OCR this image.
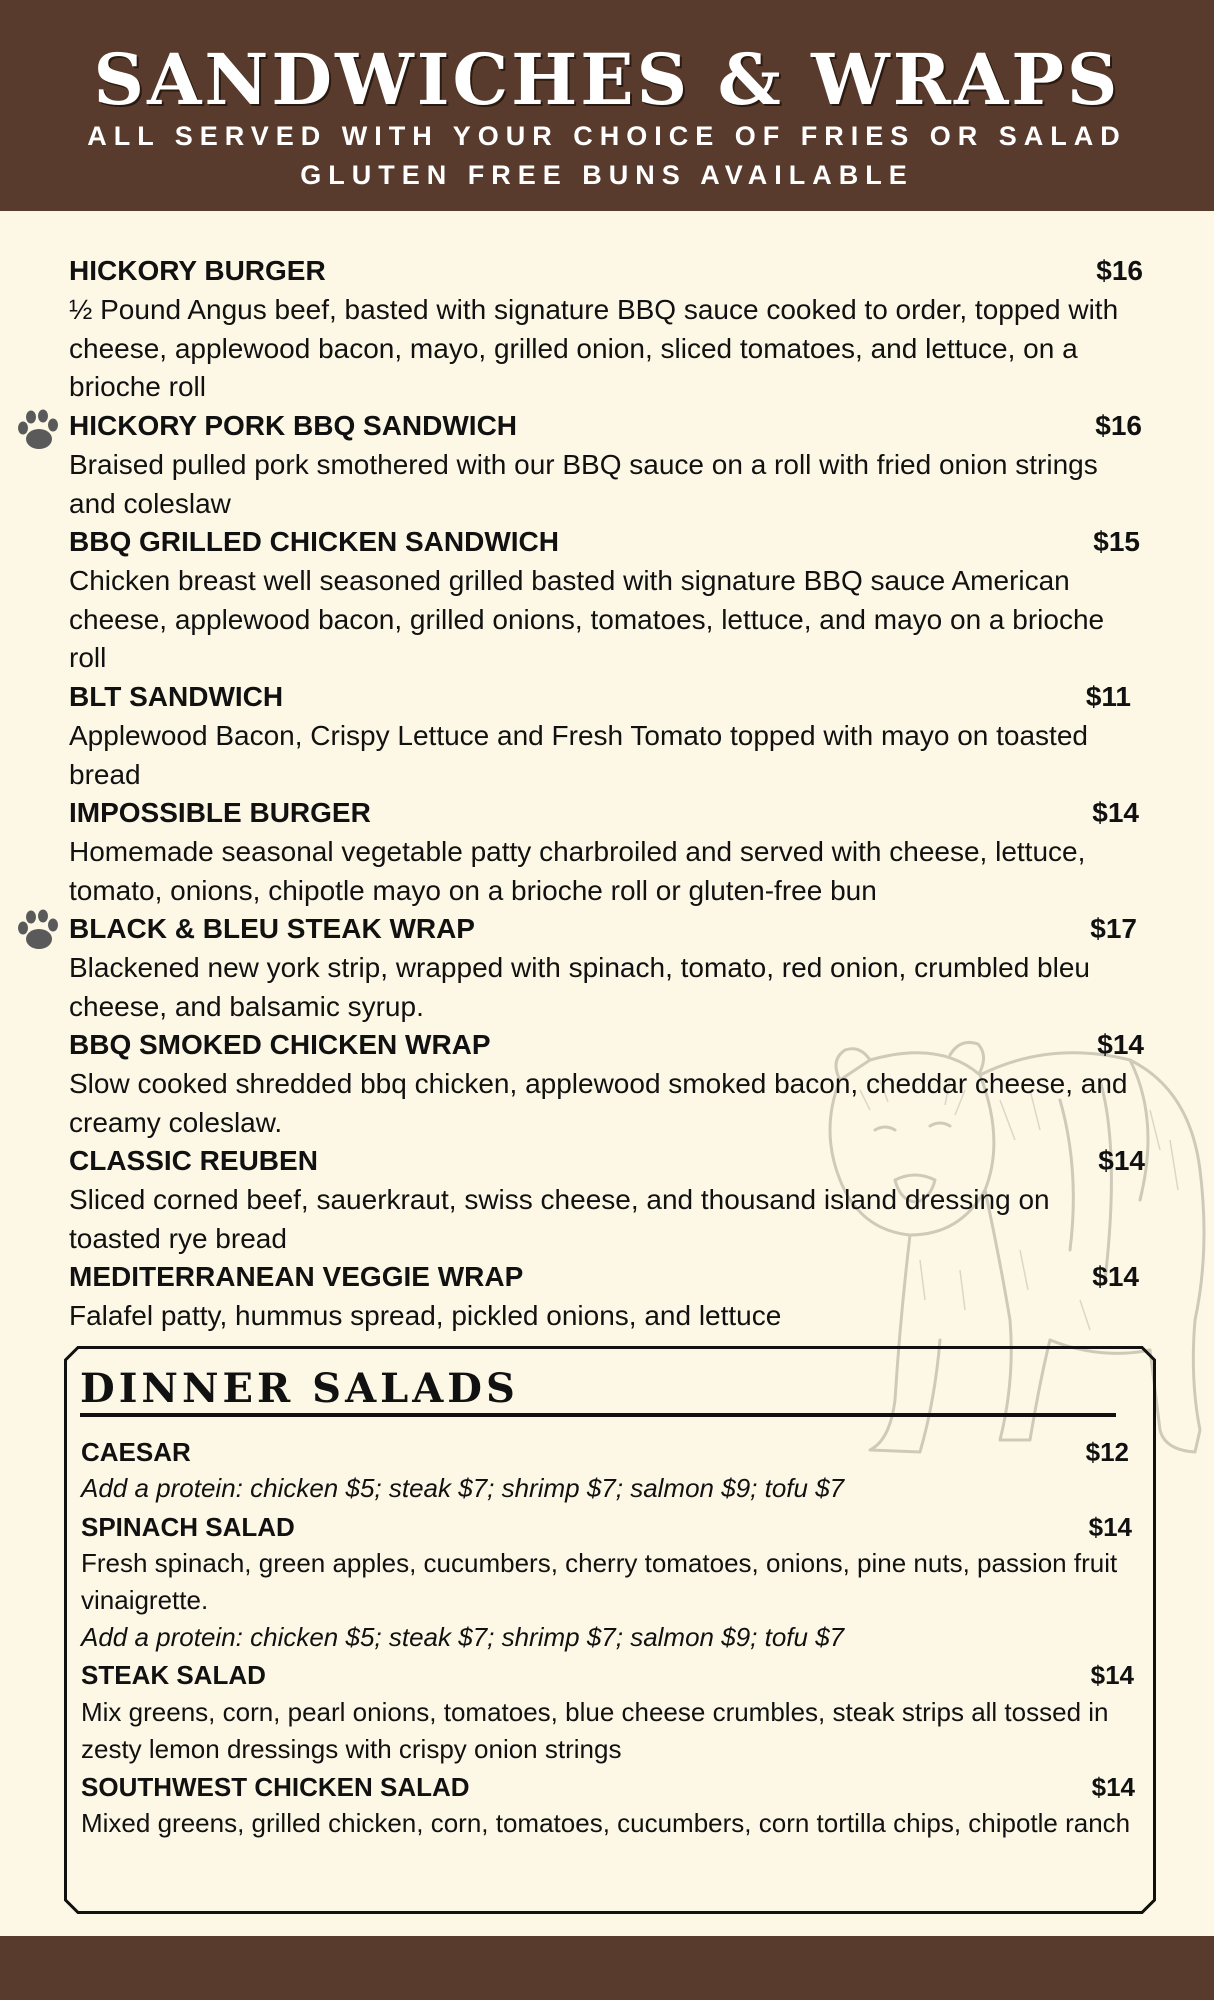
SANDWICHES & WRAPS
ALL SERVED WITH YOUR CHOICE OF FRIES OR SALAD
GLUTEN FREE BUNS AVAILABLE
HICKORY BURGER	$16
½ Pound Angus beef, basted with signature BBQ sauce cooked to order, topped with cheese, applewood bacon, mayo, grilled onion, sliced tomatoes, and lettuce, on a brioche roll
HICKORY PORK BBQ SANDWICH	$16
Braised pulled pork smothered with our BBQ sauce on a roll with fried onion strings and coleslaw
BBQ GRILLED CHICKEN SANDWICH	$15
Chicken breast well seasoned grilled basted with signature BBQ sauce American cheese, applewood bacon, grilled onions, tomatoes, lettuce, and mayo on a brioche roll
BLT SANDWICH	$11
Applewood Bacon, Crispy Lettuce and Fresh Tomato topped with mayo on toasted bread
IMPOSSIBLE BURGER	$14
Homemade seasonal vegetable patty charbroiled and served with cheese, lettuce, tomato, onions, chipotle mayo on a brioche roll or gluten-free bun
BLACK & BLEU STEAK WRAP	$17
Blackened new york strip, wrapped with spinach, tomato, red onion, crumbled bleu cheese, and balsamic syrup.
BBQ SMOKED CHICKEN WRAP	$14
Slow cooked shredded bbq chicken, applewood smoked bacon, cheddar cheese, and creamy coleslaw.
CLASSIC REUBEN	$14
Sliced corned beef, sauerkraut, swiss cheese, and thousand island dressing on toasted rye bread
MEDITERRANEAN VEGGIE WRAP	$14
Falafel patty, hummus spread, pickled onions, and lettuce
DINNER SALADS
CAESAR	$12
Add a protein: chicken $5; steak $7; shrimp $7; salmon $9; tofu $7
SPINACH SALAD	$14
Fresh spinach, green apples, cucumbers, cherry tomatoes, onions, pine nuts, passion fruit vinaigrette.
Add a protein: chicken $5; steak $7; shrimp $7; salmon $9; tofu $7
STEAK SALAD	$14
Mix greens, corn, pearl onions, tomatoes, blue cheese crumbles, steak strips all tossed in zesty lemon dressings with crispy onion strings
SOUTHWEST CHICKEN SALAD	$14
Mixed greens, grilled chicken, corn, tomatoes, cucumbers, corn tortilla chips, chipotle ranch
